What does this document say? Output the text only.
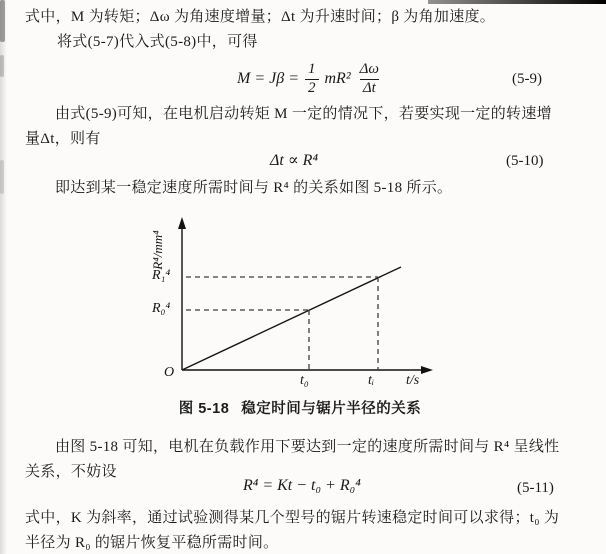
式中，M 为转矩；Δω 为角速度增量；Δt 为升速时间；β 为角加速度。
将式(5-7)代入式(5-8)中，可得
$M = J\beta = \frac{1}{2} mR^2 \frac{\Delta\omega}{\Delta t}$	(5-9)
由式(5-9)可知，在电机启动转矩 M 一定的情况下，若要实现一定的转速增
量Δt，则有
Δt ∝ R⁴	(5-10)
即达到某一稳定速度所需时间与 R⁴ 的关系如图 5-18 所示。
R⁴/mm⁴
R₁⁴
R₀⁴
O
t₀	tᵢ t/s
图 5-18 稳定时间与锯片半径的关系
由图 5-18 可知，电机在负载作用下要达到一定的速度所需时间与 R⁴ 呈线性
关系，不妨设
R⁴ = Kt − t₀ + R₀⁴	(5-11)
式中，K 为斜率，通过试验测得某几个型号的锯片转速稳定时间可以求得；t₀ 为
半径为 R₀ 的锯片恢复平稳所需时间。
